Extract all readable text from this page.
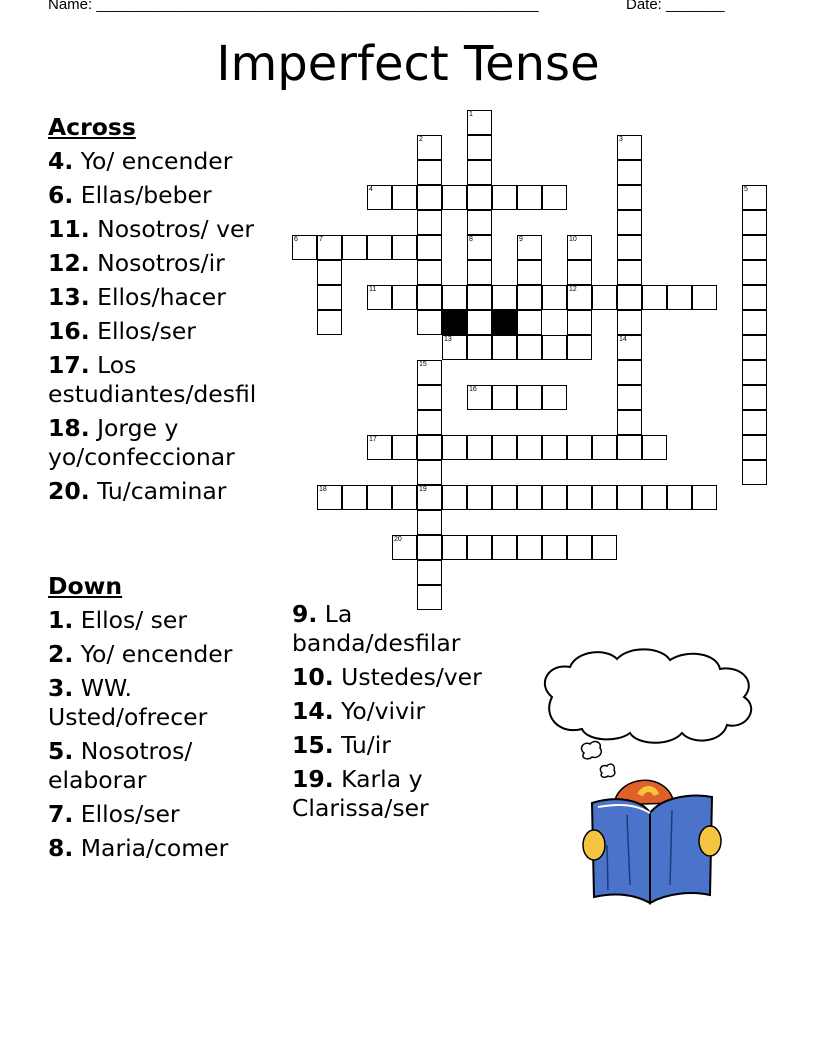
Name: _____________________________________________________	Date: _______
Imperfect Tense
4
6	7
11	12
13
16
17
18	19
20
1
8
2	3
14
5
9	10
15

Across

4. Yo/ encender

6. Ellas/beber

11. Nosotros/ ver

12. Nosotros/ir

13. Ellos/hacer

16. Ellos/ser

17. Los estudiantes/desfil

18. Jorge y yo/confeccionar

20. Tu/caminar

Down

1. Ellos/ ser

2. Yo/ encender

3. WW. Usted/ofrecer

5. Nosotros/ elaborar

7. Ellos/ser

8. Maria/comer

9. La banda/desfilar

10. Ustedes/ver

14. Yo/vivir

15. Tu/ir

19. Karla y Clarissa/ser
